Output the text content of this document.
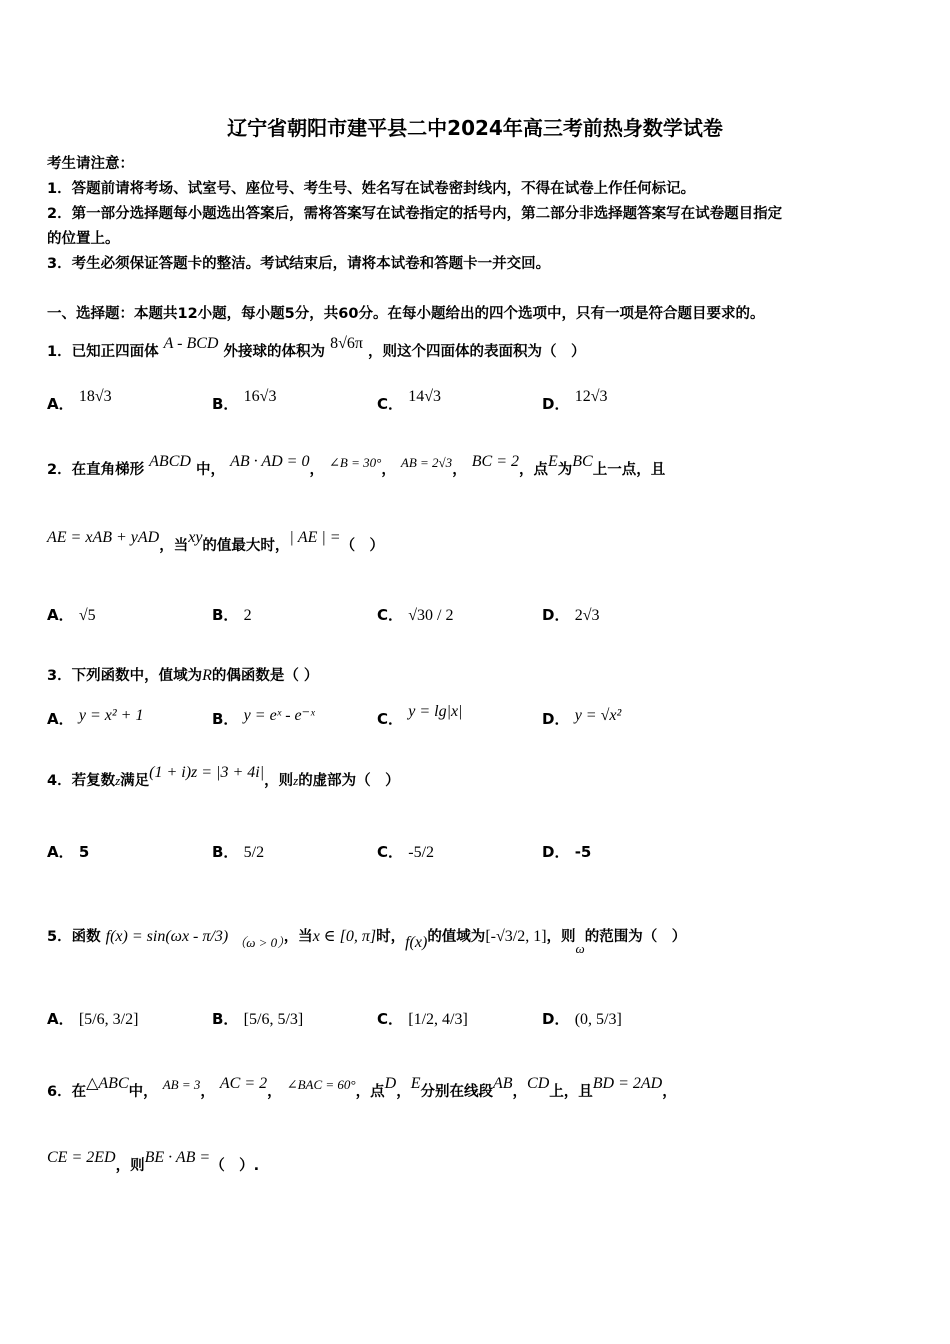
辽宁省朝阳市建平县二中2024年高三考前热身数学试卷
考生请注意：
1．答题前请将考场、试室号、座位号、考生号、姓名写在试卷密封线内，不得在试卷上作任何标记。
2．第一部分选择题每小题选出答案后，需将答案写在试卷指定的括号内，第二部分非选择题答案写在试卷题目指定
的位置上。
3．考生必须保证答题卡的整洁。考试结束后，请将本试卷和答题卡一并交回。
一、选择题：本题共12小题，每小题5分，共60分。在每小题给出的四个选项中，只有一项是符合题目要求的。
1．已知正四面体 A - BCD 外接球的体积为 8√6π ，则这个四面体的表面积为（　）
A． 18√3	B． 16√3	C． 14√3	D． 12√3
2．在直角梯形 ABCD 中， AB · AD = 0， ∠B = 30°， AB = 2√3， BC = 2，点E为BC上一点，且
AE = xAB + yAD，当xy的值最大时，| AE | =（　）
A． √5	B． 2	C． √30 / 2	D． 2√3
3．下列函数中，值域为R的偶函数是（ ）
A． y = x² + 1	B． y = eˣ - e⁻ˣ	C． y = lg|x|	D． y = √x²
4．若复数z满足(1 + i)z = |3 + 4i|，则z的虚部为（　）
A． 5	B． 5/2	C． -5/2	D． -5
5．函数 f(x) = sin(ωx - π/3) （ω > 0），当x ∈ [0, π]时，f(x)的值域为[-√3/2, 1]，则ω的范围为（　）
A． [5/6, 3/2]	B． [5/6, 5/3]	C． [1/2, 4/3]	D． (0, 5/3]
6．在△ABC中， AB = 3， AC = 2， ∠BAC = 60°，点D，E分别在线段AB，CD上，且BD = 2AD，
CE = 2ED，则BE · AB =（　）.
